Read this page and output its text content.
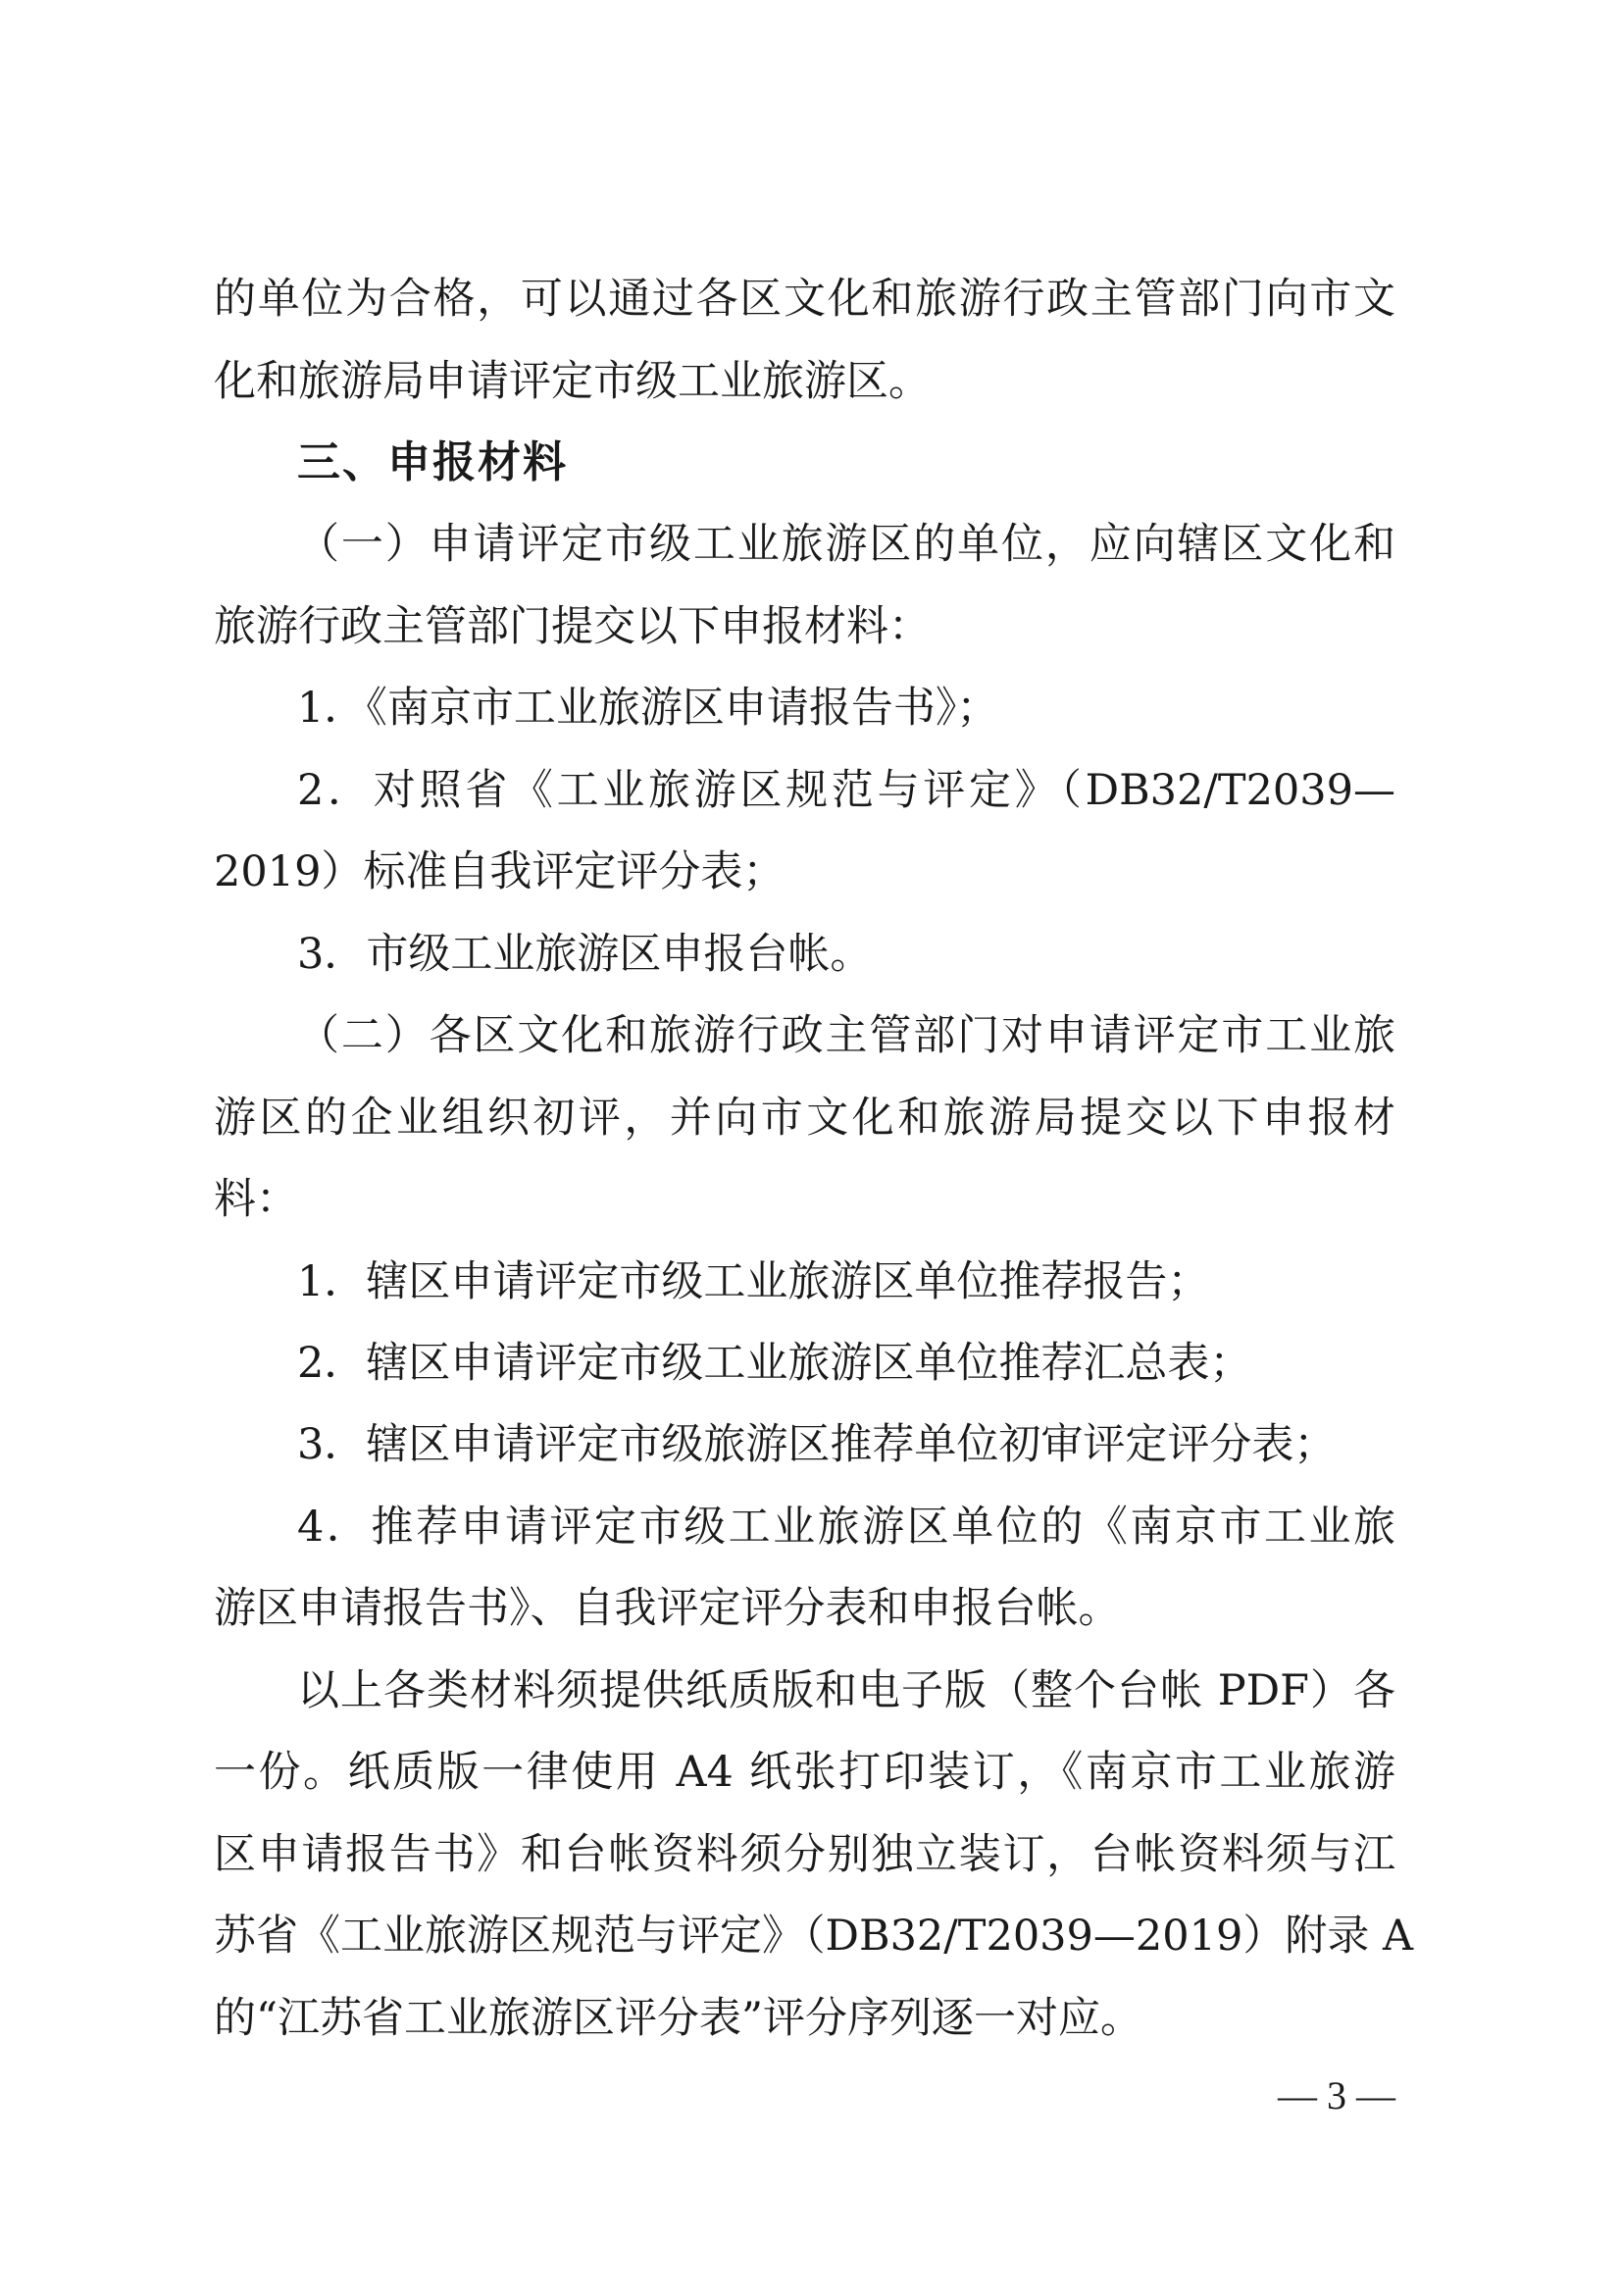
的单位为合格，可以通过各区文化和旅游行政主管部门向市文
化和旅游局申请评定市级工业旅游区。
三、申报材料
（一）申请评定市级工业旅游区的单位，应向辖区文化和
旅游行政主管部门提交以下申报材料：
1．《南京市工业旅游区申请报告书》；
2．对照省《工业旅游区规范与评定》（DB32/T2039—
2019）标准自我评定评分表；
3．市级工业旅游区申报台帐。
（二）各区文化和旅游行政主管部门对申请评定市工业旅
游区的企业组织初评，并向市文化和旅游局提交以下申报材
料：
1．辖区申请评定市级工业旅游区单位推荐报告；
2．辖区申请评定市级工业旅游区单位推荐汇总表；
3．辖区申请评定市级旅游区推荐单位初审评定评分表；
4．推荐申请评定市级工业旅游区单位的《南京市工业旅
游区申请报告书》、自我评定评分表和申报台帐。
以上各类材料须提供纸质版和电子版（整个台帐 PDF）各
一份。纸质版一律使用 A4 纸张打印装订，《南京市工业旅游
区申请报告书》和台帐资料须分别独立装订，台帐资料须与江
苏省《工业旅游区规范与评定》（DB32/T2039—2019）附录 A
的“江苏省工业旅游区评分表”评分序列逐一对应。
— 3 —
